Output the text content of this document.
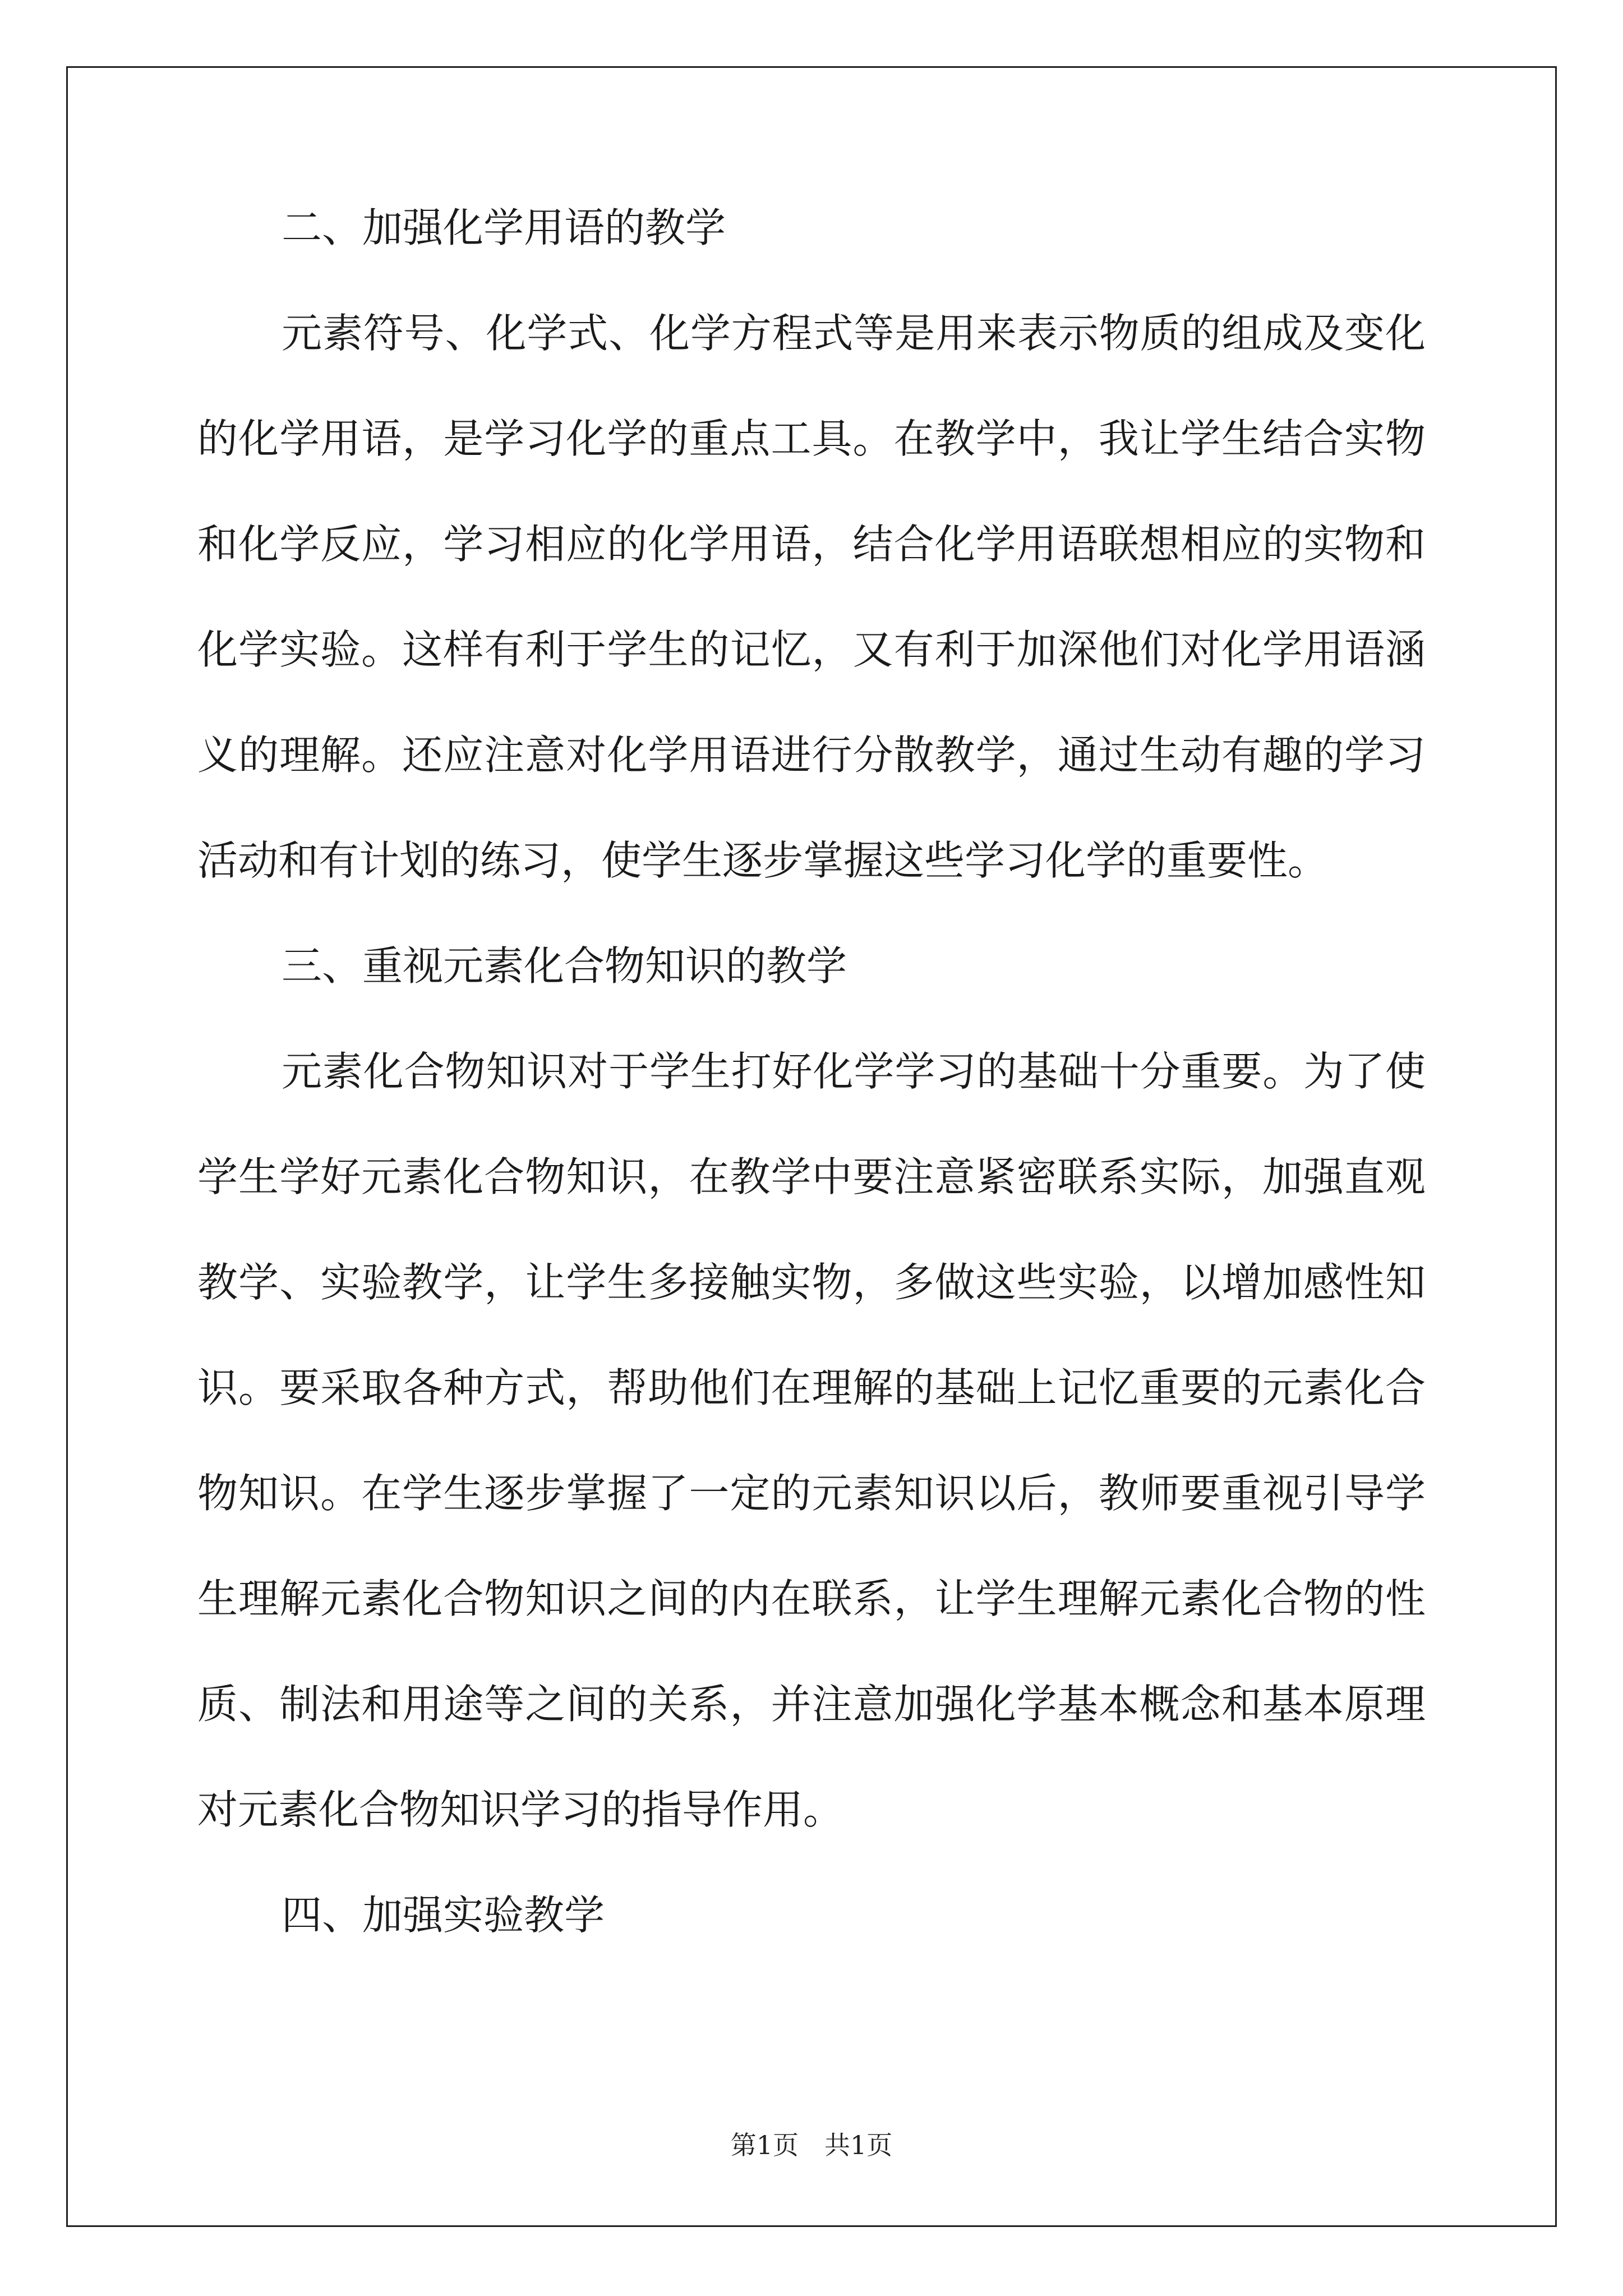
二、加强化学用语的教学
元素符号、化学式、化学方程式等是用来表示物质的组成及变化
的化学用语，是学习化学的重点工具。在教学中，我让学生结合实物
和化学反应，学习相应的化学用语，结合化学用语联想相应的实物和
化学实验。这样有利于学生的记忆，又有利于加深他们对化学用语涵
义的理解。还应注意对化学用语进行分散教学，通过生动有趣的学习
活动和有计划的练习，使学生逐步掌握这些学习化学的重要性。
三、重视元素化合物知识的教学
元素化合物知识对于学生打好化学学习的基础十分重要。为了使
学生学好元素化合物知识，在教学中要注意紧密联系实际，加强直观
教学、实验教学，让学生多接触实物，多做这些实验，以增加感性知
识。要采取各种方式，帮助他们在理解的基础上记忆重要的元素化合
物知识。在学生逐步掌握了一定的元素知识以后，教师要重视引导学
生理解元素化合物知识之间的内在联系，让学生理解元素化合物的性
质、制法和用途等之间的关系，并注意加强化学基本概念和基本原理
对元素化合物知识学习的指导作用。
四、加强实验教学
第1页　共1页
